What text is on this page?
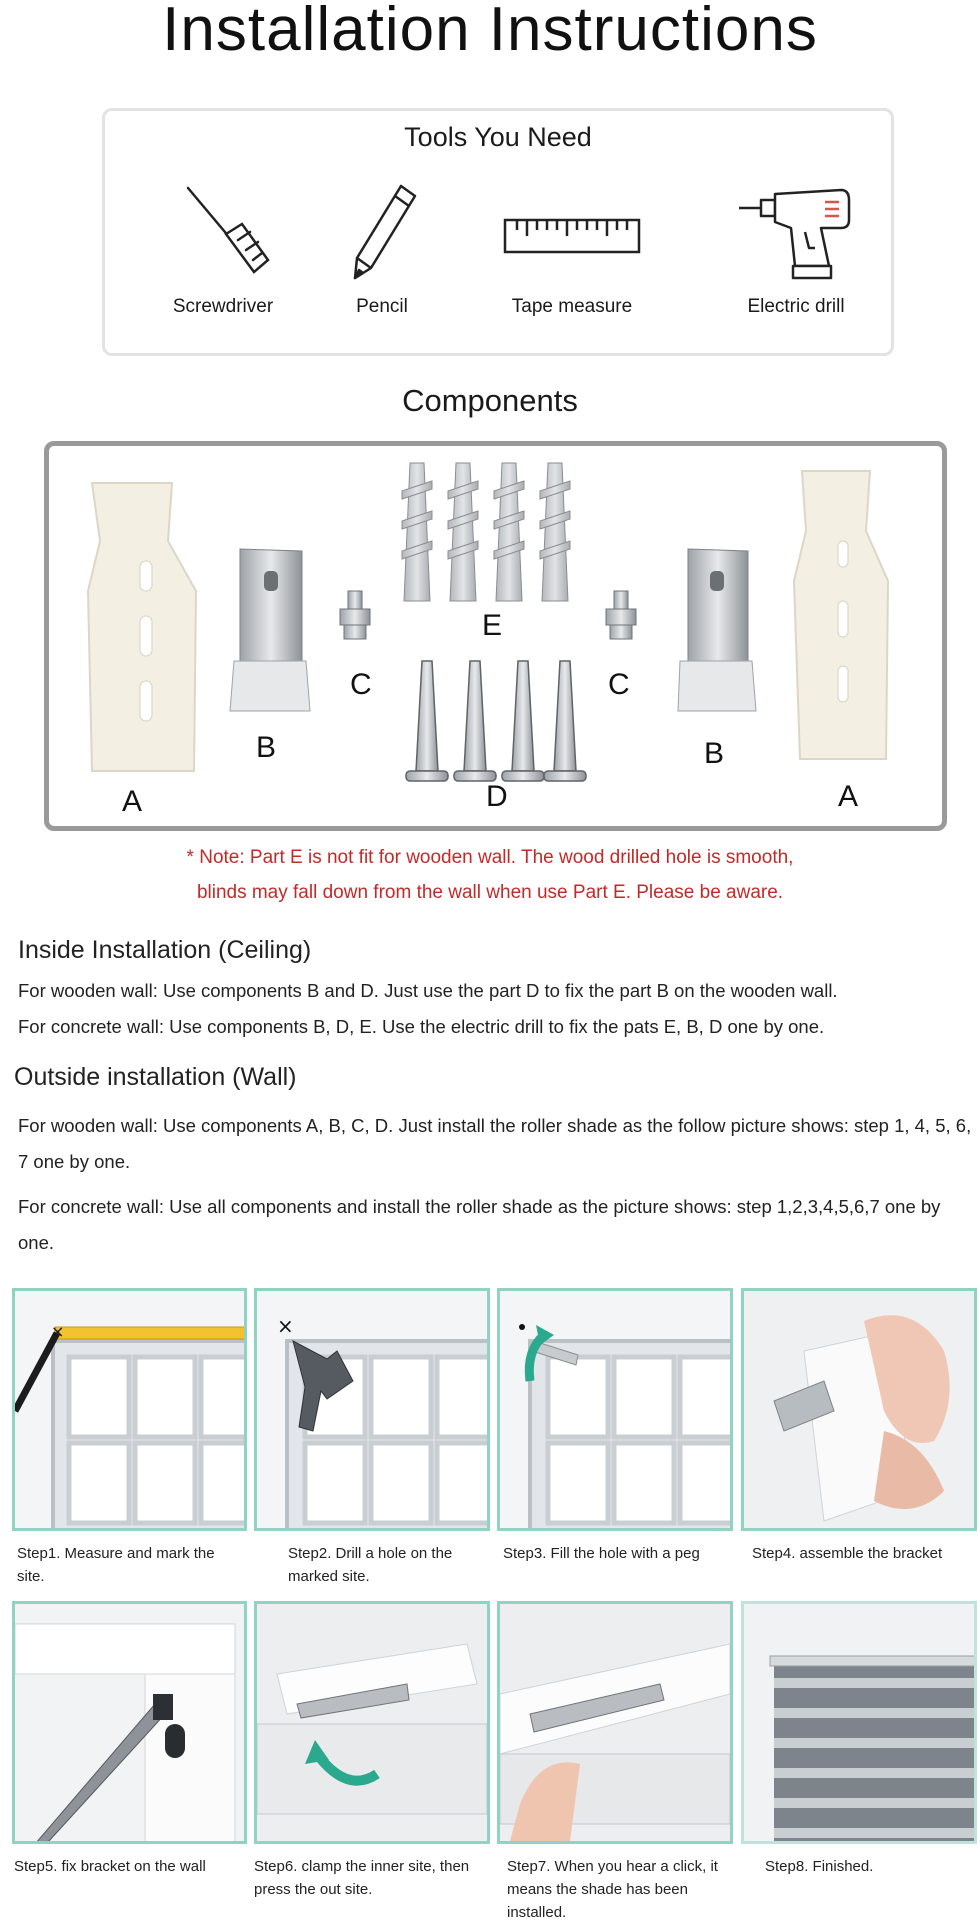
Installation Instructions
Tools You Need
Screwdriver	Pencil	Tape measure	Electric drill
Components
A	A
B	B
C	C
D
E
* Note: Part E is not fit for wooden wall. The wood drilled hole is smooth,
blinds may fall down from the wall when use Part E. Please be aware.
Inside Installation (Ceiling)
For wooden wall: Use components B and D. Just use the part D to fix the part B on the wooden wall.
For concrete wall: Use components B, D, E. Use the electric drill to fix the pats E, B, D one by one.
Outside installation (Wall)
For wooden wall: Use components A, B, C, D. Just install the roller shade as the follow picture shows: step 1, 4, 5, 6, 7 one by one.
For concrete wall: Use all components and install the roller shade as the picture shows: step 1,2,3,4,5,6,7 one by one.
×	×
Step1. Measure and mark the site.
Step2. Drill a hole on the marked site.
Step3. Fill the hole with a peg	Step4. assemble the bracket
Step5. fix bracket on the wall	Step6. clamp the inner site, then press the out site.
Step7. When you hear a click, it means the shade has been installed.
Step8. Finished.
